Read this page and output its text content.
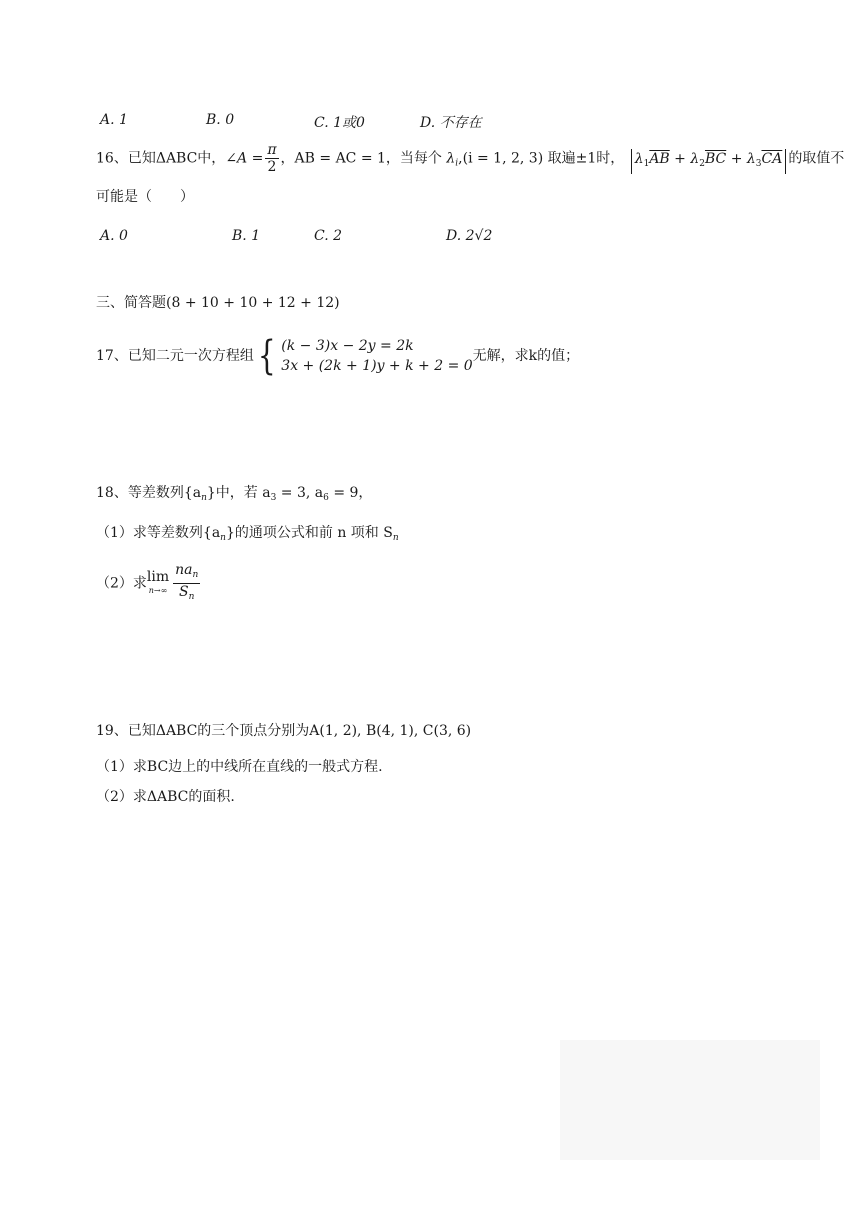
A. 1	B. 0	C. 1或0	D. 不存在
16、已知ΔABC中，∠A = $\frac{\pi}{2}$ ，AB = AC = 1，当每个 $\lambda_i,(i = 1$, 2, 3) 取遍±1时， $\lambda_1\overline{AB} + \lambda_2\overline{BC} + \lambda_3\overline{CA}$ 的取值不
可能是（　　）
A. 0	B. 1	C. 2	D. 2√2
三、简答题(8 + 10 + 10 + 12 + 12)
17、已知二元一次方程组 { (k − 3)x − 2y = 2k
3x + (2k + 1)y + k + 2 = 0
无解，求k的值；
18、等差数列$\{a_n\}$中，若 $a_3 = 3$, $a_6 = 9$，
（1）求等差数列$\{a_n\}$的通项公式和前 n 项和 $S_n$
（2）求 lim
$n\to\infty \frac{na_n}{S_n}$
19、已知ΔABC的三个顶点分别为A(1, 2), B(4, 1), C(3, 6)
（1）求BC边上的中线所在直线的一般式方程.
（2）求ΔABC的面积.
